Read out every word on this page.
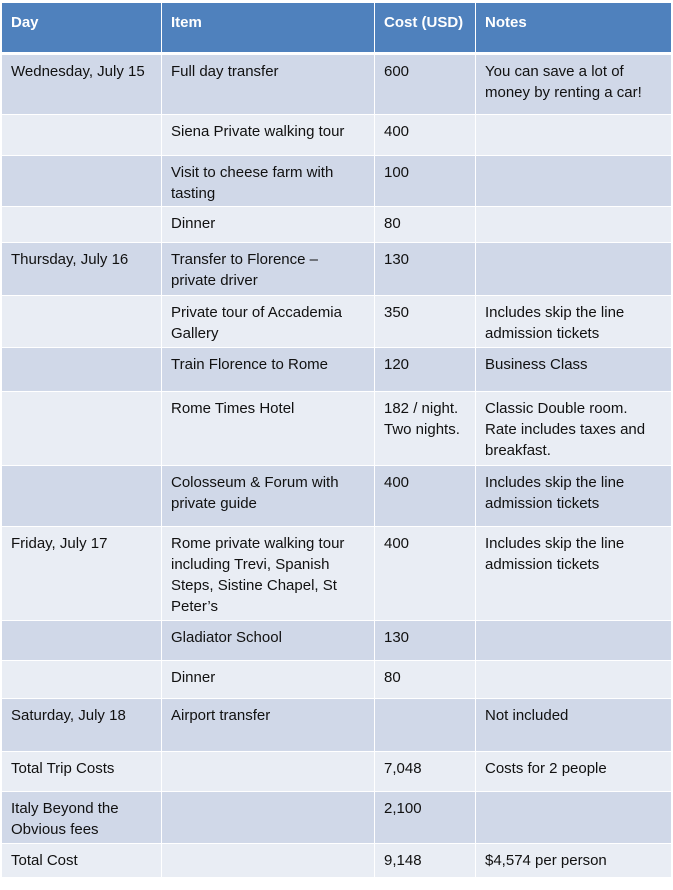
Day	Item	Cost (USD)	Notes
Wednesday, July 15	Full day transfer	600	You can save a lot of money by renting a car!
	Siena Private walking tour	400	
	Visit to cheese farm with tasting	100	
	Dinner	80	
Thursday, July 16	Transfer to Florence – private driver	130	
	Private tour of Accademia Gallery	350	Includes skip the line admission tickets
	Train Florence to Rome	120	Business Class
	Rome Times Hotel	182 / night. Two nights.	Classic Double room. Rate includes taxes and breakfast.
	Colosseum & Forum with private guide	400	Includes skip the line admission tickets
Friday, July 17	Rome private walking tour including Trevi, Spanish Steps, Sistine Chapel, St Peter’s	400	Includes skip the line admission tickets
	Gladiator School	130	
	Dinner	80	
Saturday, July 18	Airport transfer		Not included
Total Trip Costs		7,048	Costs for 2 people
Italy Beyond the Obvious fees		2,100	
Total Cost		9,148	$4,574 per person
